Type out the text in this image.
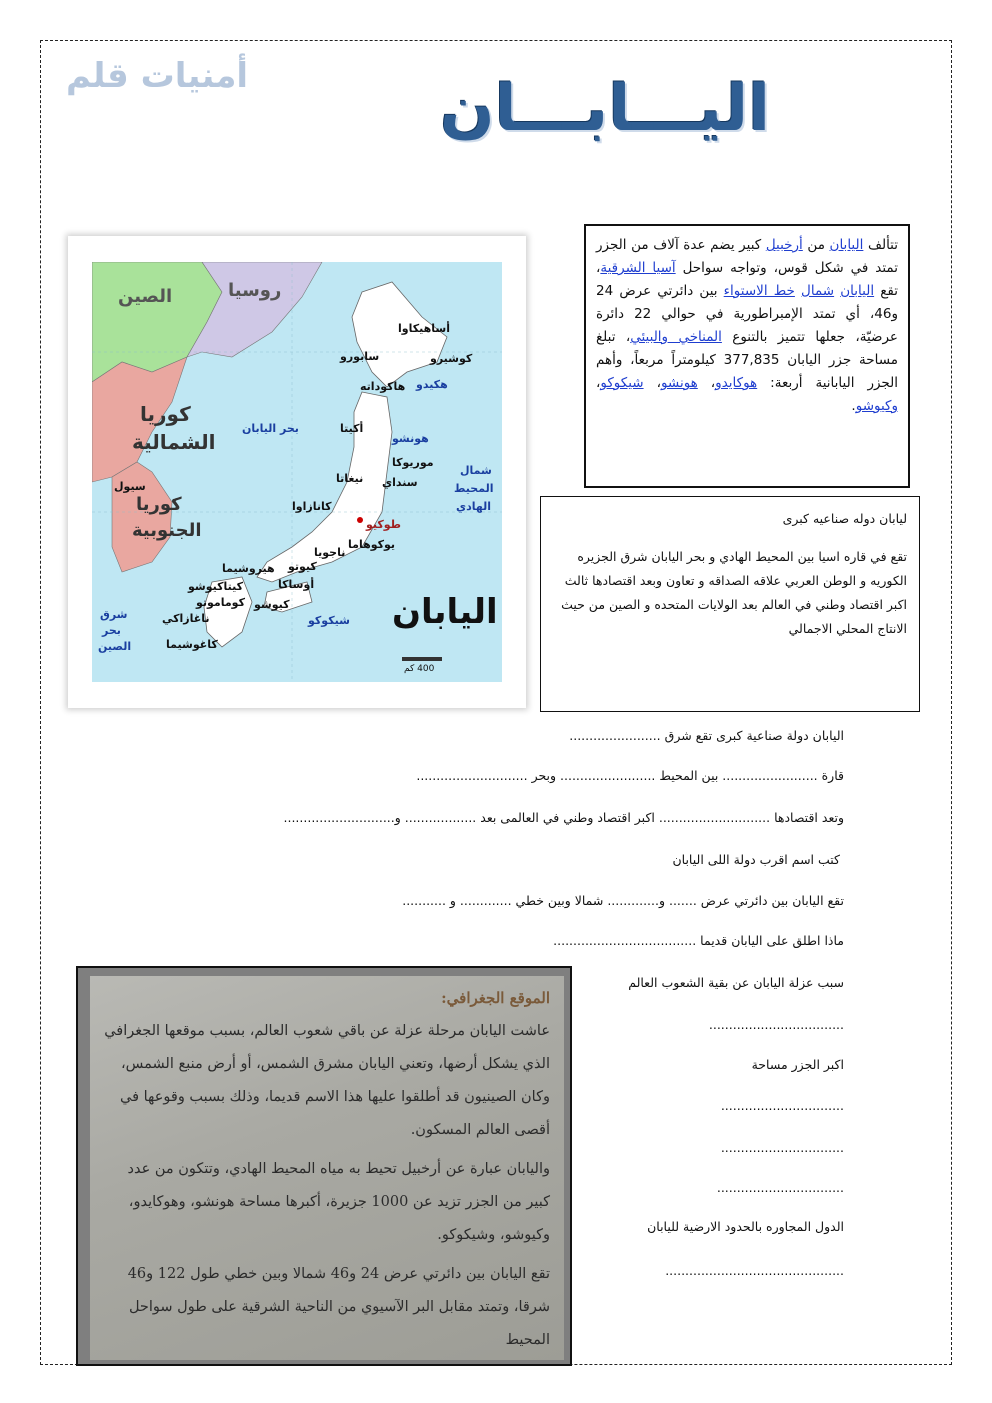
أمنيات قلم	اليـــابـــان
الصين	روسيا
كوريا
الشمالية
سيول
كوريا
الجنوبية
بحر اليابان
شمال
المحيط
الهادي
شرق
بحر
الصين
اليابان
هكيدو
هونشو
طوكيو
كيوشو
شيكوكو
سابورو
أساهيكاوا
كوشيرو
هاكوداته
موريوكا
أكيتا
سنداي
نيغاتا
يوكوهاما
ناجويا
أوساكا
كيوتو
هيروشيما
كاغوشيما
ناغازاكي
كيتاكيوشو
كوماموتو
كانازاوا
400 كم
تتألف اليابان من أرخبيل كبير يضم عدة آلاف من الجزر تمتد في شكل قوس، وتواجه سواحل آسيا الشرقية، تقع اليابان شمال خط الاستواء بين دائرتي عرض 24 و46، أي تمتد الإمبراطورية في حوالي 22 دائرة عرضيّة، جعلها تتميز بالتنوع المناخي والبيئي، تبلغ مساحة جزر اليابان 377,835 كيلومتراً مربعاً، وأهم الجزر اليابانية أربعة: هوكايدو، هونشو، شيكوكو، وكيوشو.
ليابان دوله صناعيه كبرى
تقع في قاره اسيا بين المحيط الهادي و بحر اليابان شرق الجزيره الكوريه و الوطن العربي علاقه الصداقه و تعاون وبعد اقتصادها ثالث اكبر اقتصاد وطني في العالم بعد الولايات المتحده و الصين من حيث الانتاج المحلي الاجمالي
اليابان دولة صناعية كبرى تقع شرق .......................
قارة ........................ بين المحيط ........................ وبحر ............................
وتعد اقتصادها ............................ اكبر اقتصاد وطني في العالمى بعد .................. و............................
كتب اسم اقرب دولة اللى اليابان
تقع اليابان بين دائرتي عرض ....... و............. شمالا وبين خطي ............. و ...........
ماذا اطلق على اليابان قديما ....................................
سبب عزلة اليابان عن بقية الشعوب العالم
..................................
اكبر الجزر مساحة
...............................
...............................
................................
الدول المجاوره بالحدود الارضية لليابان
.............................................
الموقع الجغرافي:

عاشت اليابان مرحلة عزلة عن باقي شعوب العالم، بسبب موقعها الجغرافي الذي يشكل أرضها، وتعني اليابان مشرق الشمس، أو أرض منبع الشمس، وكان الصينيون قد أطلقوا عليها هذا الاسم قديما، وذلك بسبب وقوعها في أقصى العالم المسكون.

واليابان عبارة عن أرخبيل تحيط به مياه المحيط الهادي، وتتكون من عدد كبير من الجزر تزيد عن 1000 جزيرة، أكبرها مساحة هونشو، وهوكايدو، وكيوشو، وشيكوكو.

تقع اليابان بين دائرتي عرض 24 و46 شمالا وبين خطي طول 122 و46 شرقا، وتمتد مقابل البر الآسيوي من الناحية الشرقية على طول سواحل المحيط
